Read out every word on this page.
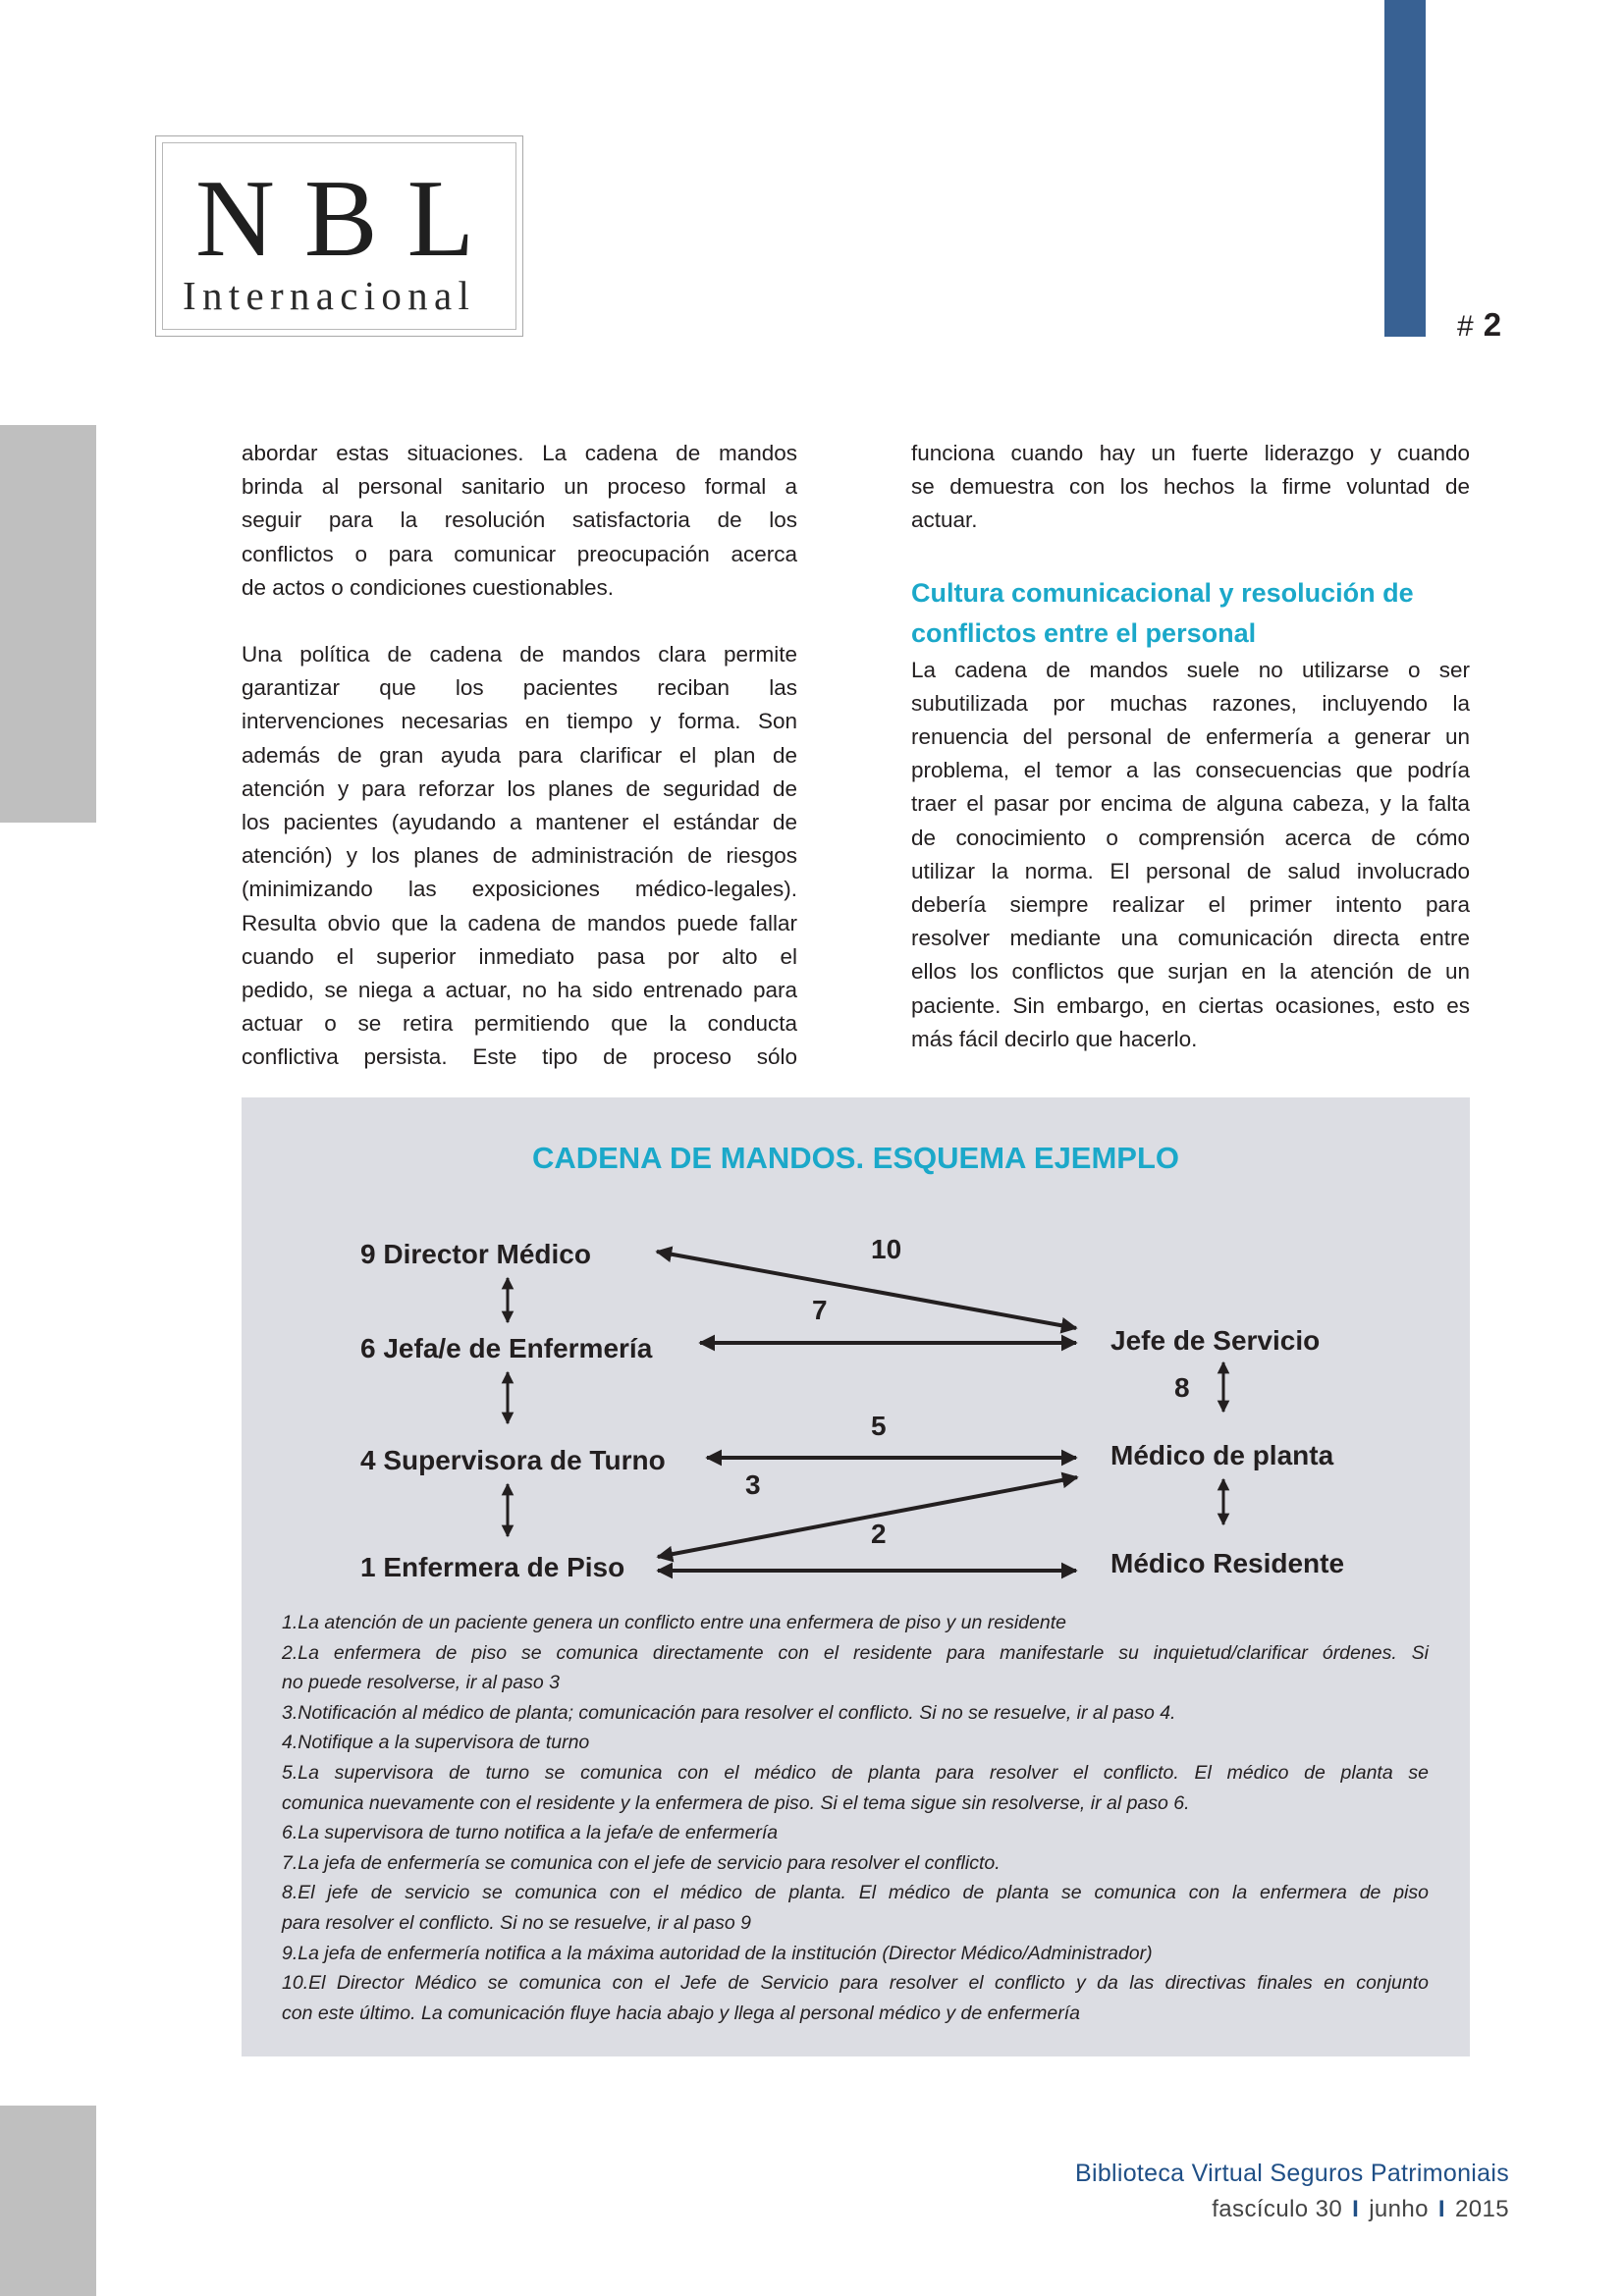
# 2
NBL
Internacional

abordar estas situaciones. La cadena de mandos
brinda al personal sanitario un proceso formal a
seguir para la resolución satisfactoria de los
conflictos o para comunicar preocupación acerca
de actos o condiciones cuestionables.

Una política de cadena de mandos clara permite
garantizar que los pacientes reciban las
intervenciones necesarias en tiempo y forma. Son
además de gran ayuda para clarificar el plan de
atención y para reforzar los planes de seguridad de
los pacientes (ayudando a mantener el estándar de
atención) y los planes de administración de riesgos
(minimizando las exposiciones médico-legales).
Resulta obvio que la cadena de mandos puede fallar
cuando el superior inmediato pasa por alto el
pedido, se niega a actuar, no ha sido entrenado para
actuar o se retira permitiendo que la conducta
conflictiva persista. Este tipo de proceso sólo

funciona cuando hay un fuerte liderazgo y cuando
se demuestra con los hechos la firme voluntad de
actuar.

Cultura comunicacional y resolución de
conflictos entre el personal

La cadena de mandos suele no utilizarse o ser
subutilizada por muchas razones, incluyendo la
renuencia del personal de enfermería a generar un
problema, el temor a las consecuencias que podría
traer el pasar por encima de alguna cabeza, y la falta
de conocimiento o comprensión acerca de cómo
utilizar la norma. El personal de salud involucrado
debería siempre realizar el primer intento para
resolver mediante una comunicación directa entre
ellos los conflictos que surjan en la atención de un
paciente. Sin embargo, en ciertas ocasiones, esto es
más fácil decirlo que hacerlo.

CADENA DE MANDOS. ESQUEMA EJEMPLO
9 Director Médico
6 Jefa/e de Enfermería
4 Supervisora de Turno
1 Enfermera de Piso
Jefe de Servicio
Médico de planta
Médico Residente
10
7
8
5
3
2
1.La atención de un paciente genera un conflicto entre una enfermera de piso y un residente
2.La enfermera de piso se comunica directamente con el residente para manifestarle su inquietud/clarificar órdenes. Si
no puede resolverse, ir al paso 3
3.Notificación al médico de planta; comunicación para resolver el conflicto. Si no se resuelve, ir al paso 4.
4.Notifique a la supervisora de turno
5.La supervisora de turno se comunica con el médico de planta para resolver el conflicto. El médico de planta se
comunica nuevamente con el residente y la enfermera de piso. Si el tema sigue sin resolverse, ir al paso 6.
6.La supervisora de turno notifica a la jefa/e de enfermería
7.La jefa de enfermería se comunica con el jefe de servicio para resolver el conflicto.
8.El jefe de servicio se comunica con el médico de planta. El médico de planta se comunica con la enfermera de piso
para resolver el conflicto. Si no se resuelve, ir al paso 9
9.La jefa de enfermería notifica a la máxima autoridad de la institución (Director Médico/Administrador)
10.El Director Médico se comunica con el Jefe de Servicio para resolver el conflicto y da las directivas finales en conjunto
con este último. La comunicación fluye hacia abajo y llega al personal médico y de enfermería
Biblioteca Virtual Seguros Patrimoniais
fascículo 30 I junho I 2015
